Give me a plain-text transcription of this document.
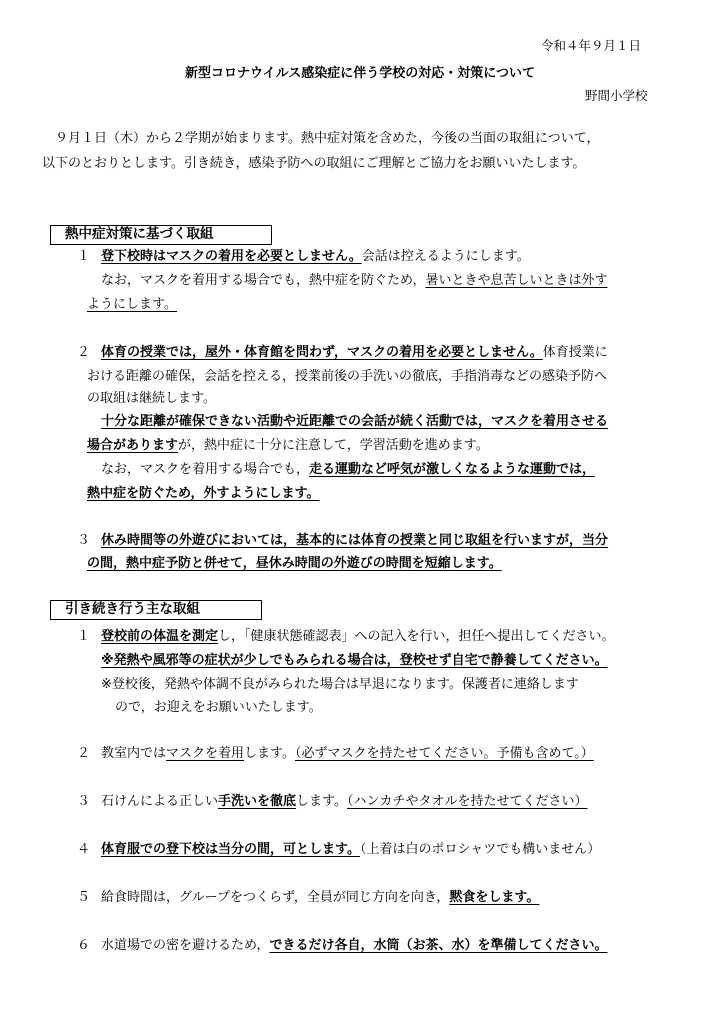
令和４年９月１日
新型コロナウイルス感染症に伴う学校の対応・対策について
野間小学校

９月１日（木）から２学期が始まります。熱中症対策を含めた，今後の当面の取組について，

以下のとおりとします。引き続き，感染予防への取組にご理解とご協力をお願いいたします。

熱中症対策に基づく取組
１ 登下校時はマスクの着用を必要としません。会話は控えるようにします。
なお，マスクを着用する場合でも，熱中症を防ぐため，暑いときや息苦しいときは外す
ようにします。
２ 体育の授業では，屋外・体育館を問わず，マスクの着用を必要としません。体育授業に
おける距離の確保，会話を控える，授業前後の手洗いの徹底，手指消毒などの感染予防へ
の取組は継続します。
十分な距離が確保できない活動や近距離での会話が続く活動では，マスクを着用させる
場合がありますが，熱中症に十分に注意して，学習活動を進めます。
なお，マスクを着用する場合でも，走る運動など呼気が激しくなるような運動では，
熱中症を防ぐため，外すようにします。
３ 休み時間等の外遊びにおいては，基本的には体育の授業と同じ取組を行いますが，当分
の間，熱中症予防と併せて，昼休み時間の外遊びの時間を短縮します。
引き続き行う主な取組
１ 登校前の体温を測定し，「健康状態確認表」への記入を行い，担任へ提出してください。
※発熱や風邪等の症状が少しでもみられる場合は，登校せず自宅で静養してください。
※登校後，発熱や体調不良がみられた場合は早退になります。保護者に連絡します
ので，お迎えをお願いいたします。
２ 教室内ではマスクを着用します。（必ずマスクを持たせてください。予備も含めて。）
３ 石けんによる正しい手洗いを徹底します。（ハンカチやタオルを持たせてください）
４ 体育服での登下校は当分の間，可とします。（上着は白のポロシャツでも構いません）
５ 給食時間は，グループをつくらず，全員が同じ方向を向き，黙食をします。
６ 水道場での密を避けるため，できるだけ各自，水筒（お茶、水）を準備してください。
